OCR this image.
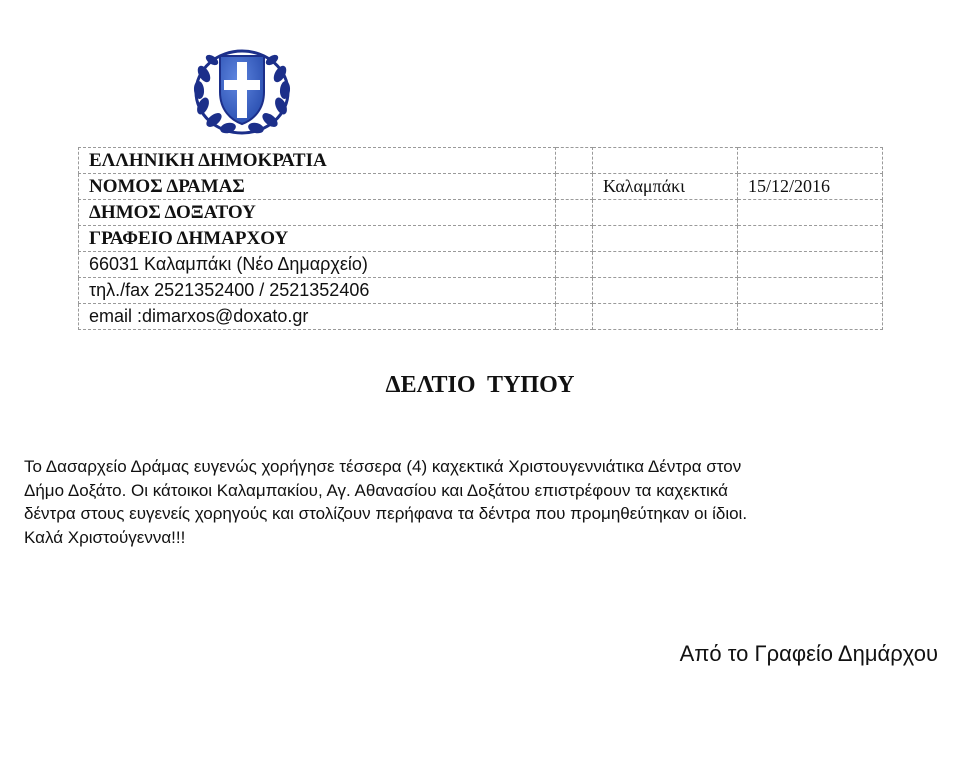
ΕΛΛΗΝΙΚΗ ΔΗΜΟΚΡΑΤΙΑ			
ΝΟΜΟΣ ΔΡΑΜΑΣ		Καλαμπάκι	15/12/2016
ΔΗΜΟΣ ΔΟΞΑΤΟΥ			
ΓΡΑΦΕΙΟ ΔΗΜΑΡΧΟΥ			
66031 Καλαμπάκι (Νέο Δημαρχείο)			
τηλ./fax 2521352400 / 2521352406			
email :dimarxos@doxato.gr			
ΔΕΛΤΙΟ ΤΥΠΟΥ
Το Δασαρχείο Δράμας ευγενώς χορήγησε τέσσερα (4) καχεκτικά Χριστουγεννιάτικα Δέντρα στον
Δήμο Δοξάτο. Οι κάτοικοι Καλαμπακίου, Αγ. Αθανασίου και Δοξάτου επιστρέφουν τα καχεκτικά
δέντρα στους ευγενείς χορηγούς και στολίζουν περήφανα τα δέντρα που προμηθεύτηκαν οι ίδιοι.
Καλά Χριστούγεννα!!!
Από το Γραφείο Δημάρχου
